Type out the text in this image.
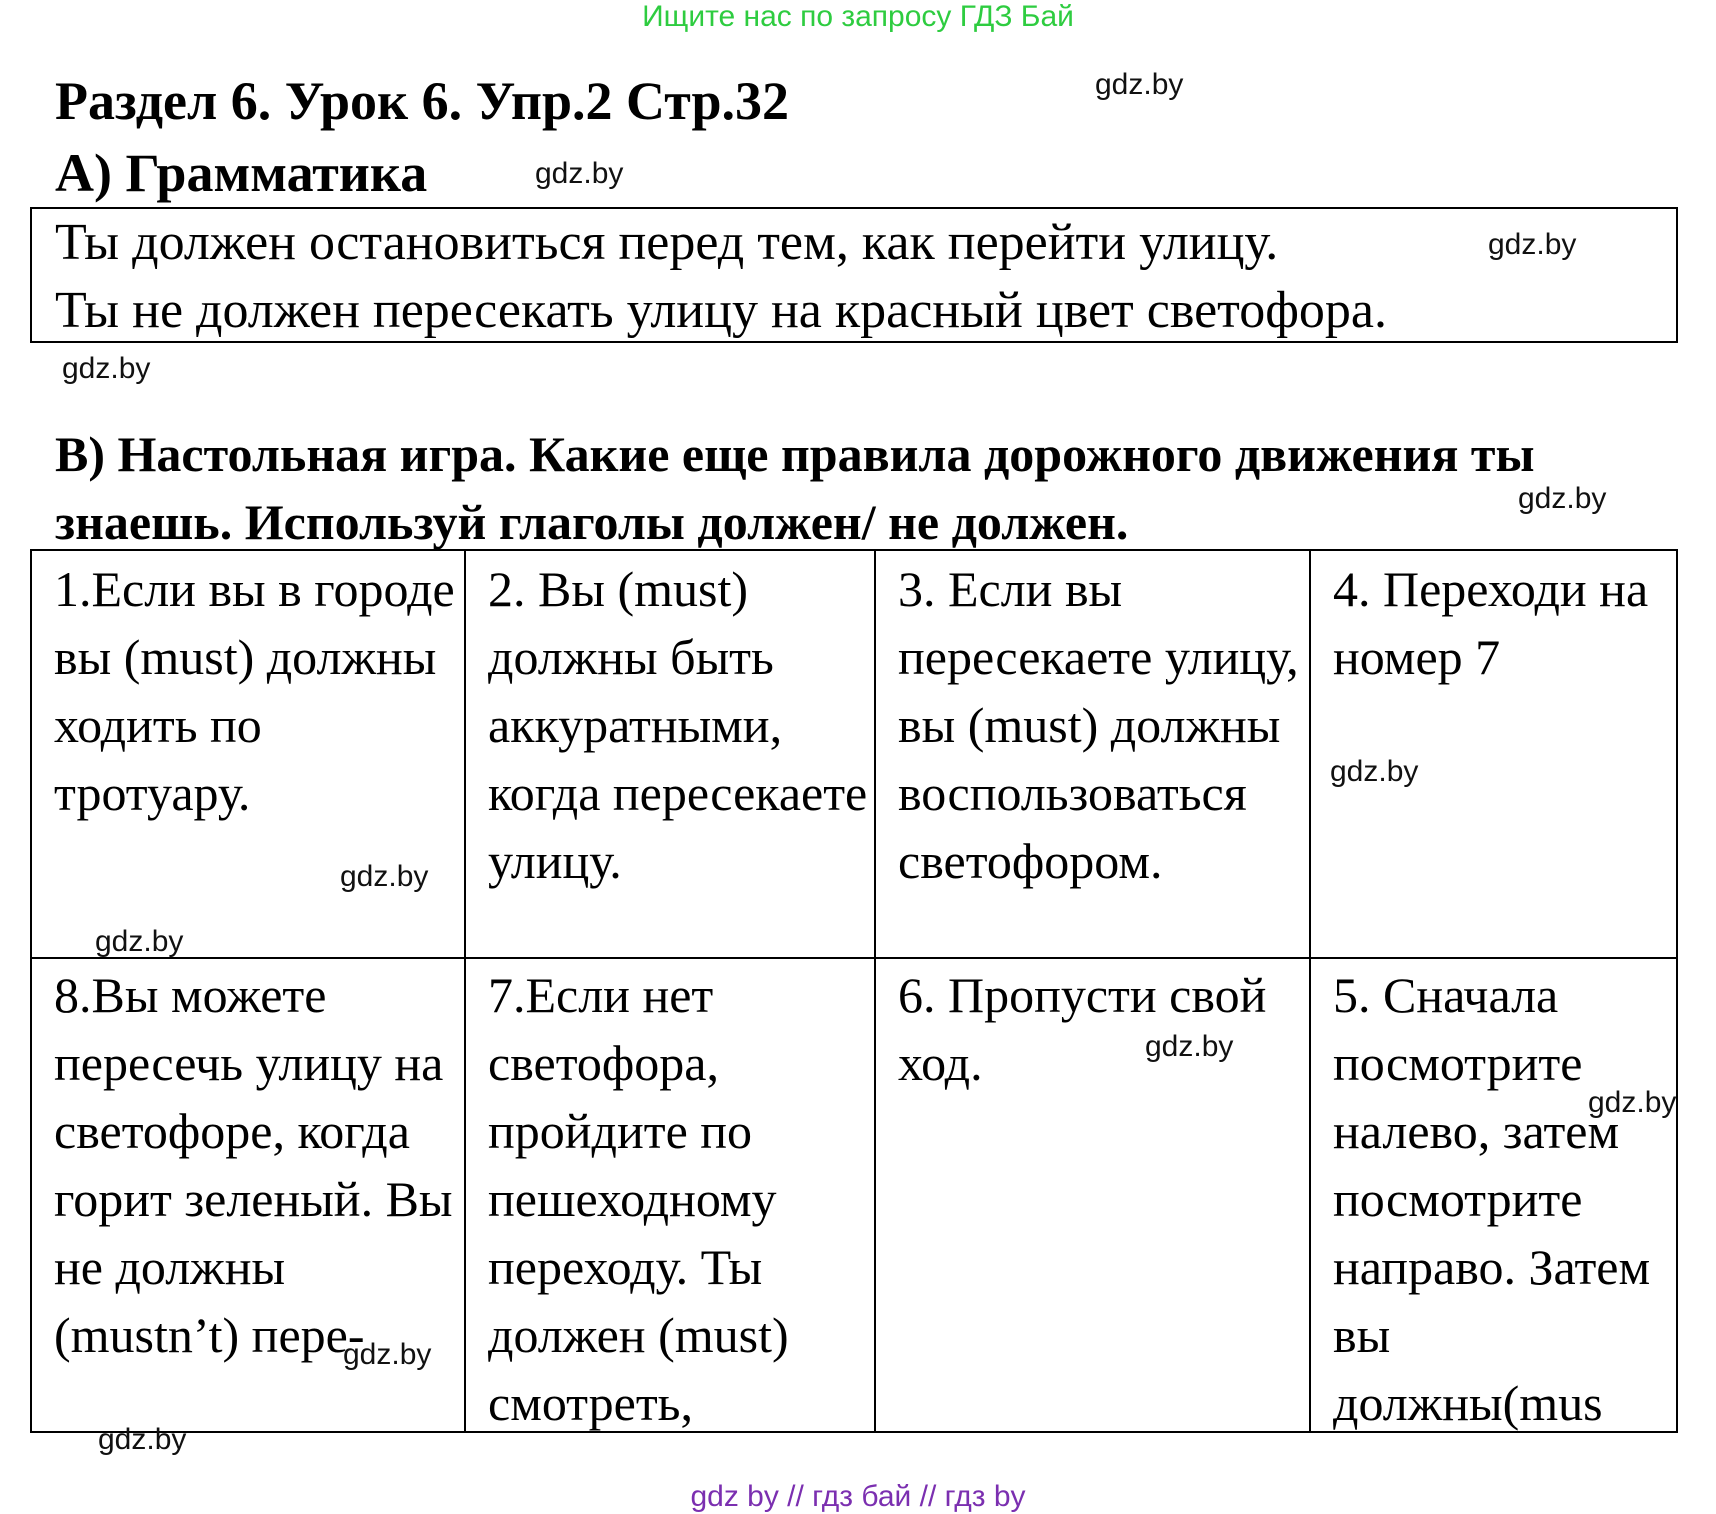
Ищите нас по запросу ГДЗ Бай
Раздел 6. Урок 6. Упр.2 Стр.32
А) Грамматика
Ты должен остановиться перед тем, как перейти улицу.
Ты не должен пересекать улицу на красный цвет светофора.
В) Настольная игра. Какие еще правила дорожного движения ты знаешь. Используй глаголы должен/ не должен.
1.Если вы в городе вы (must) должны ходить по тротуару.
2. Вы (must) должны быть аккуратными, когда пересекаете улицу.
3. Если вы пересекаете улицу, вы (must) должны воспользоваться светофором.
4. Переходи на номер 7
8.Вы можете пересечь улицу на светофоре, когда горит зеленый. Вы не должны (mustn’t) пере-
7.Если нет светофора, пройдите по пешеходному переходу. Ты должен (must) смотреть,
6. Пропусти свой ход.
5. Сначала посмотрите налево, затем посмотрите направо. Затем вы должны(mus
gdz.by
gdz.by
gdz.by
gdz.by
gdz.by
gdz.by
gdz.by
gdz.by
gdz.by
gdz.by
gdz.by
gdz.by
gdz by // гдз бай // гдз by
